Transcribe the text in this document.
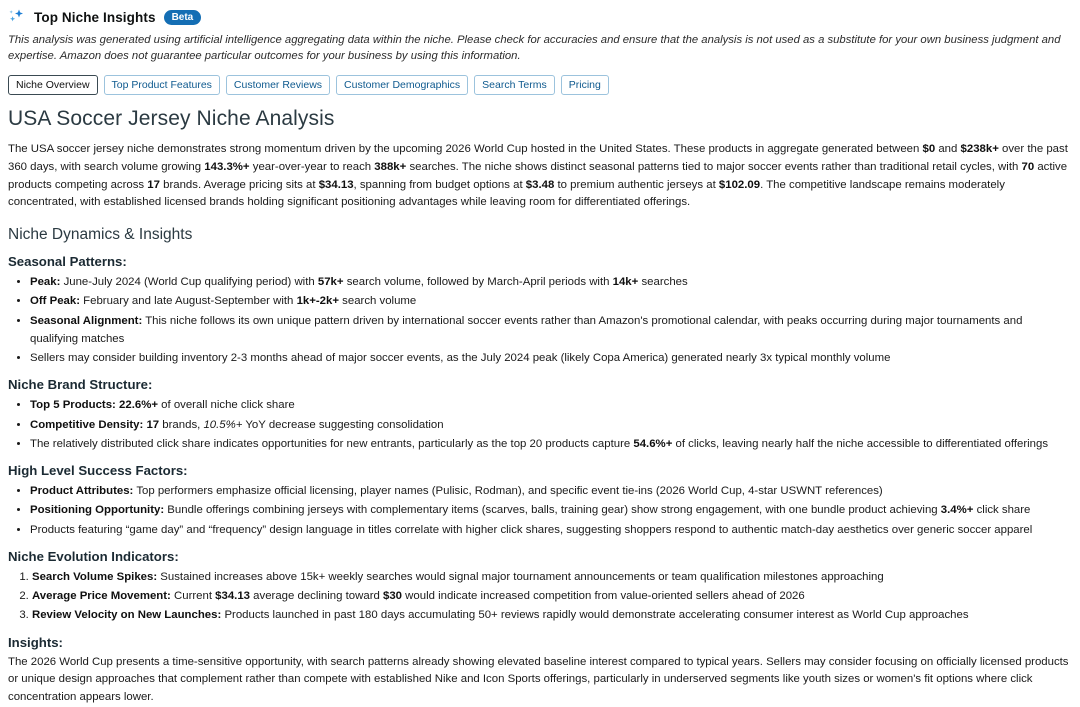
Top Niche Insights	Beta

This analysis was generated using artificial intelligence aggregating data within the niche. Please check for accuracies and ensure that the analysis is not used as a substitute for your own business judgment and expertise. Amazon does not guarantee particular outcomes for your business by using this information.

Niche Overview	Top Product Features	Customer Reviews	Customer Demographics	Search Terms	Pricing
USA Soccer Jersey Niche Analysis

The USA soccer jersey niche demonstrates strong momentum driven by the upcoming 2026 World Cup hosted in the United States. These products in aggregate generated between $0 and $238k+ over the past 360 days, with search volume growing 143.3%+ year-over-year to reach 388k+ searches. The niche shows distinct seasonal patterns tied to major soccer events rather than traditional retail cycles, with 70 active products competing across 17 brands. Average pricing sits at $34.13, spanning from budget options at $3.48 to premium authentic jerseys at $102.09. The competitive landscape remains moderately concentrated, with established licensed brands holding significant positioning advantages while leaving room for differentiated offerings.

Niche Dynamics & Insights
Seasonal Patterns:
• Peak: June-July 2024 (World Cup qualifying period) with 57k+ search volume, followed by March-April periods with 14k+ searches
• Off Peak: February and late August-September with 1k+-2k+ search volume
• Seasonal Alignment: This niche follows its own unique pattern driven by international soccer events rather than Amazon's promotional calendar, with peaks occurring during major tournaments and qualifying matches
• Sellers may consider building inventory 2-3 months ahead of major soccer events, as the July 2024 peak (likely Copa America) generated nearly 3x typical monthly volume
Niche Brand Structure:
• Top 5 Products: 22.6%+ of overall niche click share
• Competitive Density: 17 brands, 10.5%+ YoY decrease suggesting consolidation
• The relatively distributed click share indicates opportunities for new entrants, particularly as the top 20 products capture 54.6%+ of clicks, leaving nearly half the niche accessible to differentiated offerings
High Level Success Factors:
• Product Attributes: Top performers emphasize official licensing, player names (Pulisic, Rodman), and specific event tie-ins (2026 World Cup, 4-star USWNT references)
• Positioning Opportunity: Bundle offerings combining jerseys with complementary items (scarves, balls, training gear) show strong engagement, with one bundle product achieving 3.4%+ click share
• Products featuring “game day” and “frequency” design language in titles correlate with higher click shares, suggesting shoppers respond to authentic match-day aesthetics over generic soccer apparel
Niche Evolution Indicators:
1. Search Volume Spikes: Sustained increases above 15k+ weekly searches would signal major tournament announcements or team qualification milestones approaching
2. Average Price Movement: Current $34.13 average declining toward $30 would indicate increased competition from value-oriented sellers ahead of 2026
3. Review Velocity on New Launches: Products launched in past 180 days accumulating 50+ reviews rapidly would demonstrate accelerating consumer interest as World Cup approaches
Insights:

The 2026 World Cup presents a time-sensitive opportunity, with search patterns already showing elevated baseline interest compared to typical years. Sellers may consider focusing on officially licensed products or unique design approaches that complement rather than compete with established Nike and Icon Sports offerings, particularly in underserved segments like youth sizes or women's fit options where click concentration appears lower.
